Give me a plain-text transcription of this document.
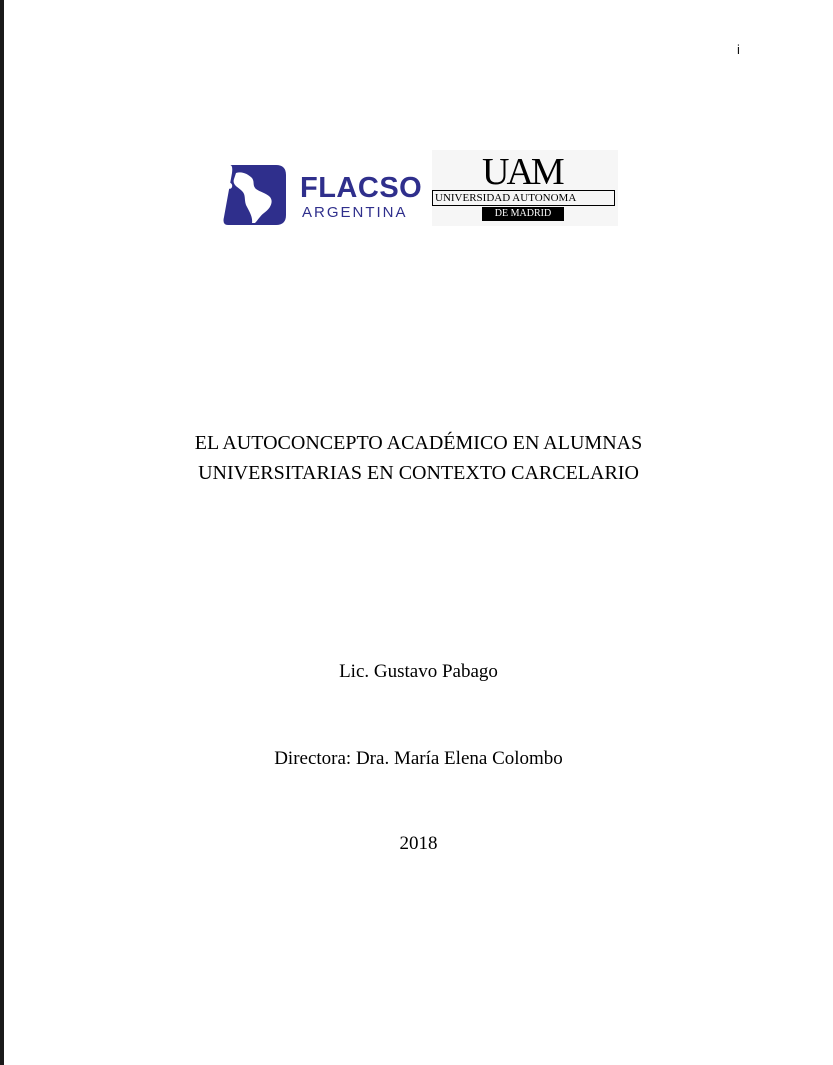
i
FLACSO
ARGENTINA
UAM
UNIVERSIDAD AUTONOMA
DE MADRID
EL AUTOCONCEPTO ACADÉMICO EN ALUMNAS
UNIVERSITARIAS EN CONTEXTO CARCELARIO
Lic. Gustavo Pabago
Directora: Dra. María Elena Colombo
2018
